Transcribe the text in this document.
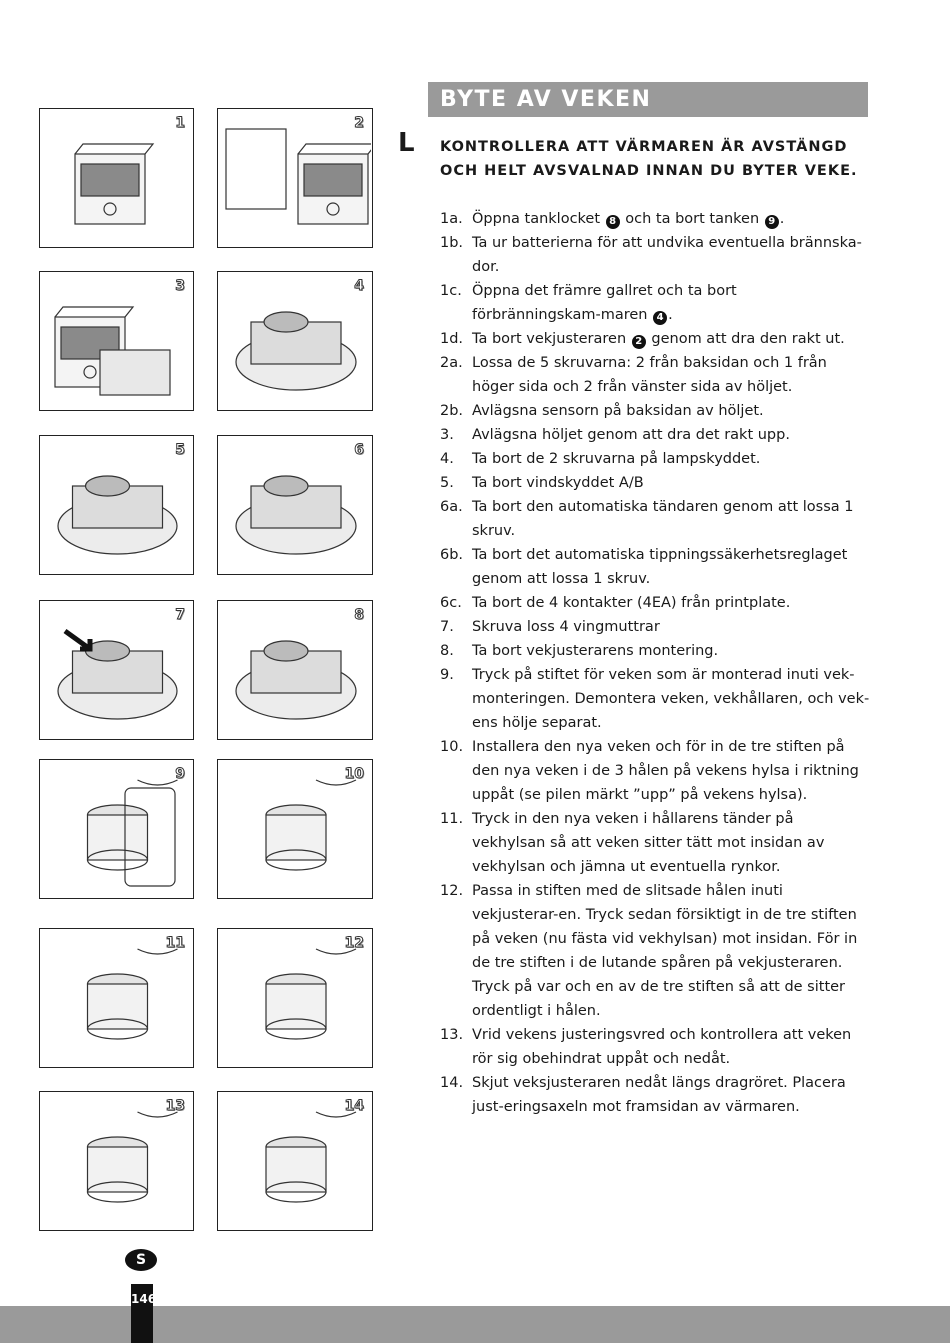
1	2
3	4
5	6
7	8
9	10
11	12
13	14
BYTE AV VEKEN
L KONTROLLERA ATT VÄRMAREN ÄR AVSTÄNGD OCH HELT AVSVALNAD INNAN DU BYTER VEKE.
1a. Öppna tanklocket 8 och ta bort tanken 9 .
1b. Ta ur batterierna för att undvika eventuella brännska-dor.
1c. Öppna det främre gallret och ta bort förbränningskam-maren 4 .
1d. Ta bort vekjusteraren 2 genom att dra den rakt ut.
2a. Lossa de 5 skruvarna: 2 från baksidan och 1 från höger sida och 2 från vänster sida av höljet.
2b. Avlägsna sensorn på baksidan av höljet.
3. Avlägsna höljet genom att dra det rakt upp.
4. Ta bort de 2 skruvarna på lampskyddet.
5. Ta bort vindskyddet A/B
6a. Ta bort den automatiska tändaren genom att lossa 1 skruv.
6b. Ta bort det automatiska tippningssäkerhetsreglaget genom att lossa 1 skruv.
6c. Ta bort de 4 kontakter (4EA) från printplate.
7. Skruva loss 4 vingmuttrar
8. Ta bort vekjusterarens montering.
9. Tryck på stiftet för veken som är monterad inuti vek-monteringen. Demontera veken, vekhållaren, och vek-ens hölje separat.
10. Installera den nya veken och för in de tre stiften på den nya veken i de 3 hålen på vekens hylsa i riktning uppåt (se pilen märkt ”upp” på vekens hylsa).
11. Tryck in den nya veken i hållarens tänder på vekhylsan så att veken sitter tätt mot insidan av vekhylsan och jämna ut eventuella rynkor.
12. Passa in stiften med de slitsade hålen inuti vekjusterar-en. Tryck sedan försiktigt in de tre stiften på veken (nu fästa vid vekhylsan) mot insidan. För in de tre stiften i de lutande spåren på vekjusteraren. Tryck på var och en av de tre stiften så att de sitter ordentligt i hålen.
13. Vrid vekens justeringsvred och kontrollera att veken rör sig obehindrat uppåt och nedåt.
14. Skjut veksjusteraren nedåt längs dragröret. Placera just-eringsaxeln mot framsidan av värmaren.
S
146
